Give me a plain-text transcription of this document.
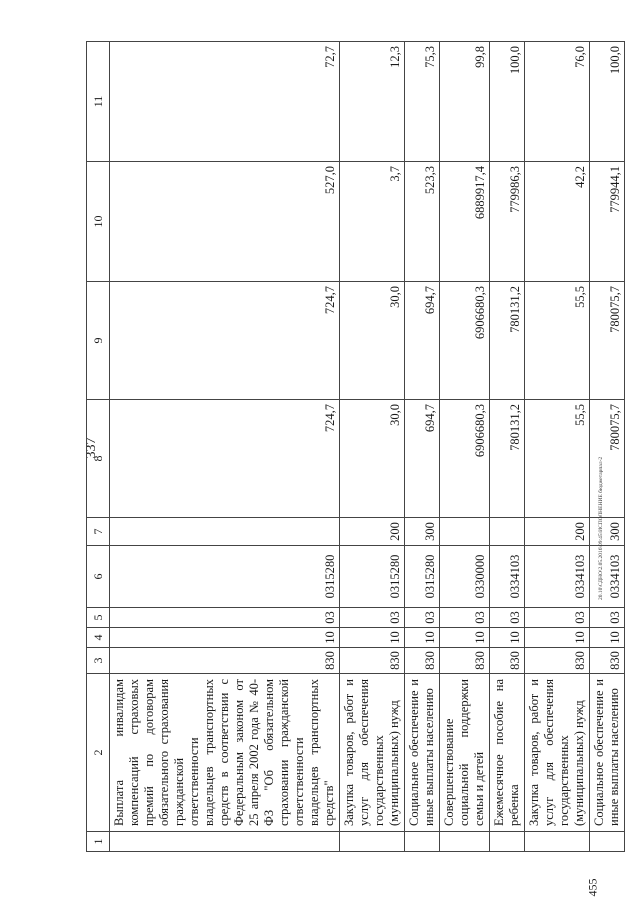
337
1	2	3	4	5	6	7	8	9	10	11
	Выплата инвалидам компенсаций страховых премий по договорам обязательного страхования гражданской ответственности владельцев транспортных средств в соответствии с Федеральным законом от 25 апреля 2002 года № 40-ФЗ "Об обязательном страховании гражданской ответственности владельцев транспортных средств"	830	10	03	0315280		724,7	724,7	527,0	72,7
	Закупка товаров, работ и услуг для обеспечения государственных (муниципальных) нужд	830	10	03	0315280	200	30,0	30,0	3,7	12,3
	Социальное обеспечение и иные выплаты населению	830	10	03	0315280	300	694,7	694,7	523,3	75,3
	Совершенствование социальной поддержки семьи и детей	830	10	03	0330000		6906680,3	6906680,3	6889917,4	99,8
	Ежемесячное пособие на ребенка	830	10	03	0334103		780131,2	780131,2	779986,3	100,0
	Закупка товаров, работ и услуг для обеспечения государственных (муниципальных) нужд	830	10	03	0334103	200	55,5	55,5	42,2	76,0
	Социальное обеспечение и иные выплаты населению	830	10	03	0334103	300	780075,7	780075,7	779944,1	100,0
455
20.10\СДНО\2.05.2016\09:45\ИСПОЛНЕНИЕ бюджетарпал-2
